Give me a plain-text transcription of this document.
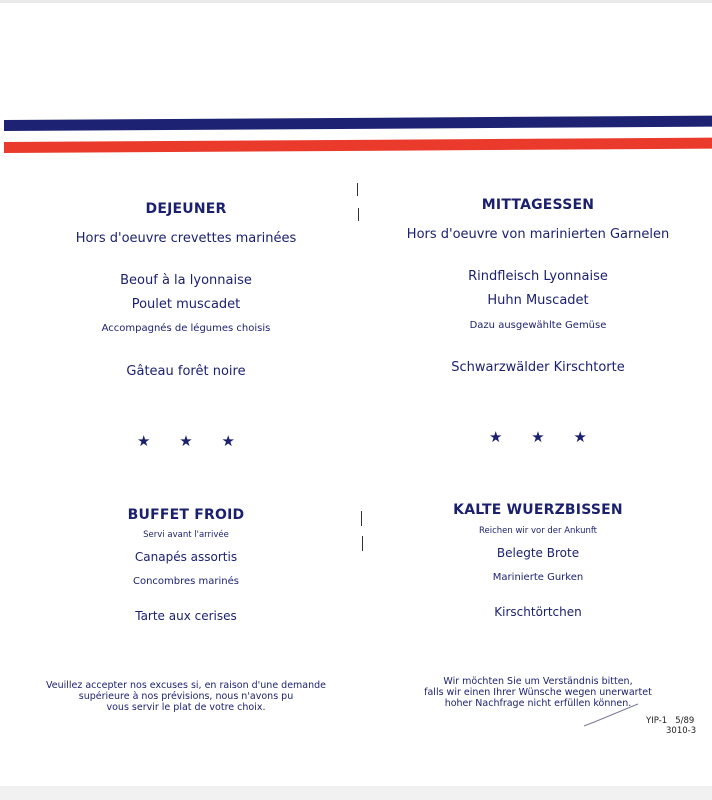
DEJEUNER
Hors d'oeuvre crevettes marinées
Beouf à la lyonnaise
Poulet muscadet
Accompagnés de légumes choisis
Gâteau forêt noire
★ ★ ★
BUFFET FROID
Servi avant l'arrivée
Canapés assortis
Concombres marinés
Tarte aux cerises
Veuillez accepter nos excuses si, en raison d'une demande
supérieure à nos prévisions, nous n'avons pu
vous servir le plat de votre choix.
MITTAGESSEN
Hors d'oeuvre von marinierten Garnelen
Rindfleisch Lyonnaise
Huhn Muscadet
Dazu ausgewählte Gemüse
Schwarzwälder Kirschtorte
★ ★ ★
KALTE WUERZBISSEN
Reichen wir vor der Ankunft
Belegte Brote
Marinierte Gurken
Kirschtörtchen
Wir möchten Sie um Verständnis bitten,
falls wir einen Ihrer Wünsche wegen unerwartet
hoher Nachfrage nicht erfüllen können.
YIP-1   5/89
3010-3
